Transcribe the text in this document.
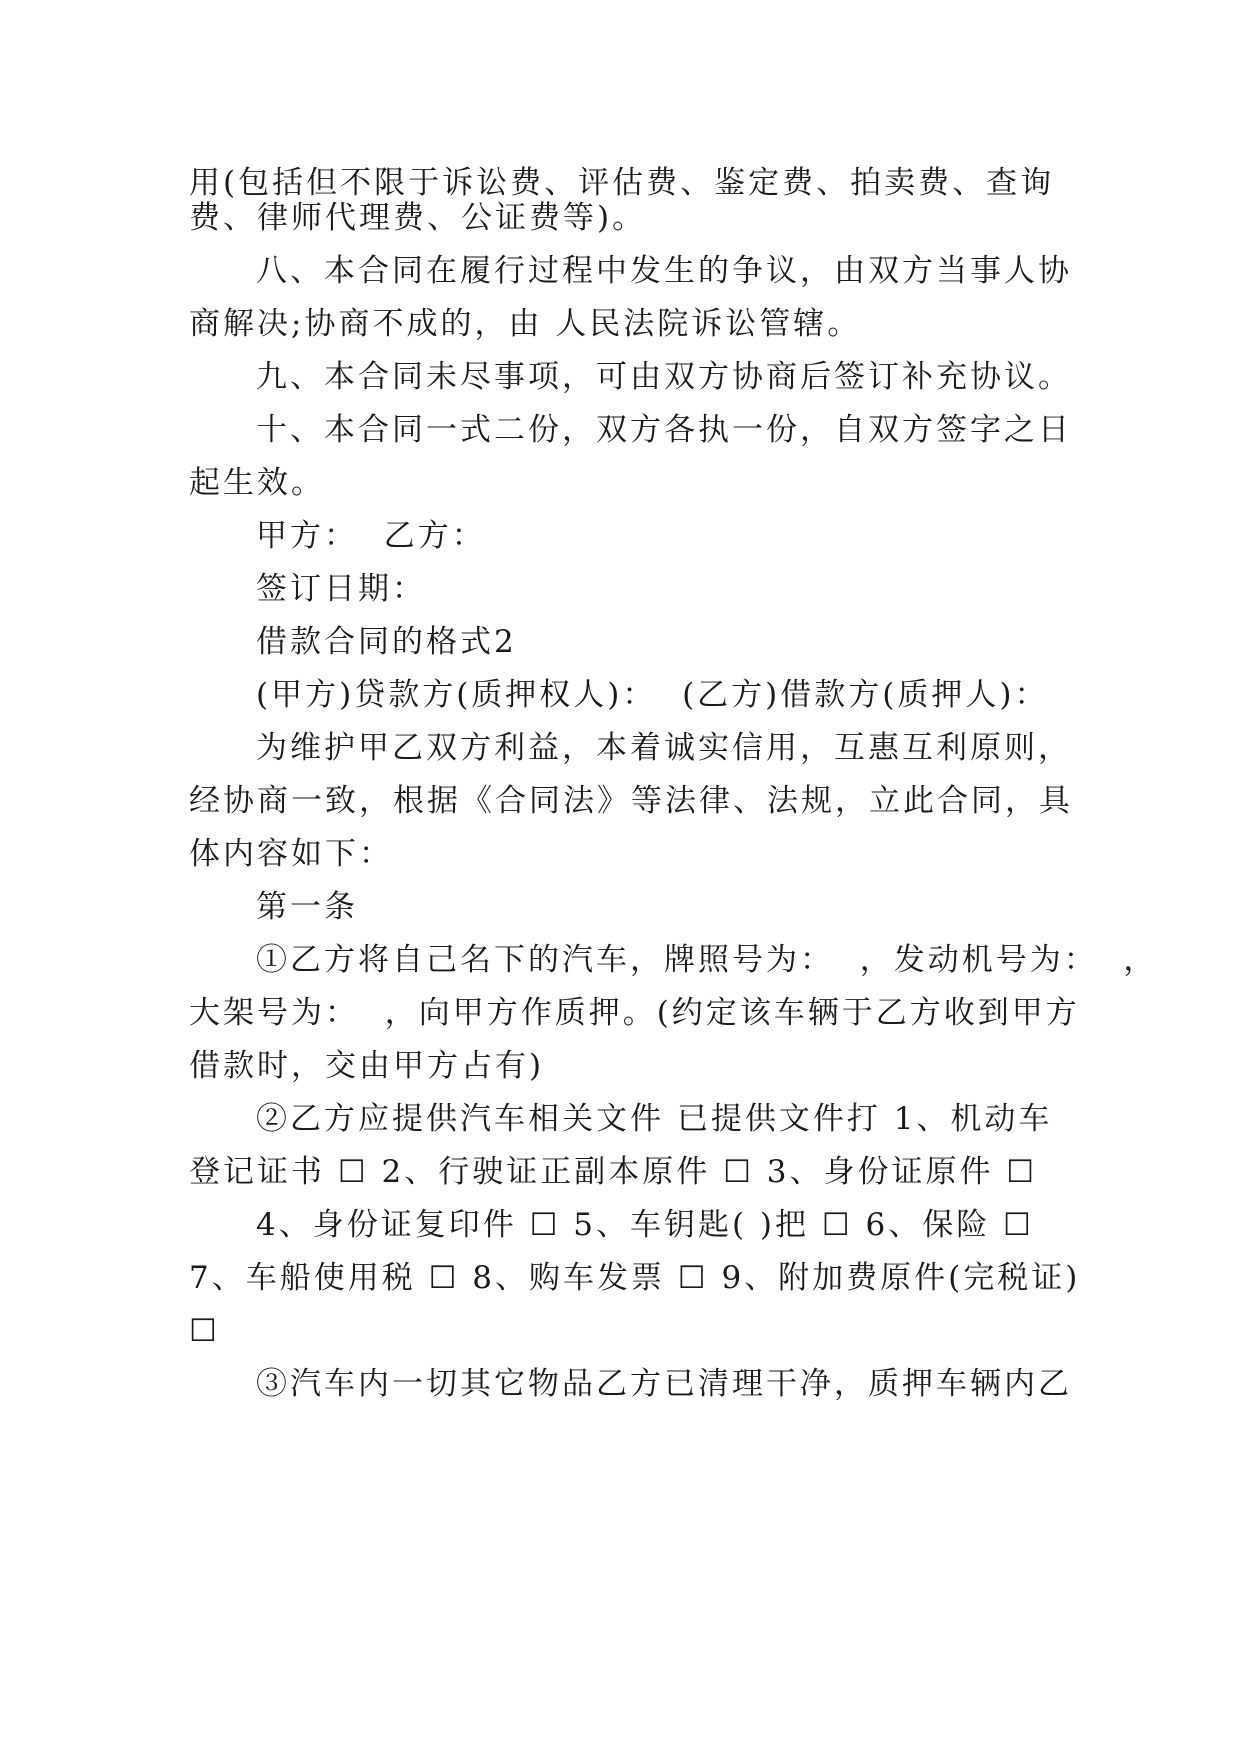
用(包括但不限于诉讼费、评估费、鉴定费、拍卖费、查询
费、律师代理费、公证费等)。
八、本合同在履行过程中发生的争议，由双方当事人协
商解决;协商不成的，由 人民法院诉讼管辖。
九、本合同未尽事项，可由双方协商后签订补充协议。
十、本合同一式二份，双方各执一份，自双方签字之日
起生效。
甲方：  乙方：
签订日期：
借款合同的格式2
(甲方)贷款方(质押权人)：  (乙方)借款方(质押人)：
为维护甲乙双方利益，本着诚实信用，互惠互利原则，
经协商一致，根据《合同法》等法律、法规，立此合同，具
体内容如下：
第一条
①乙方将自己名下的汽车，牌照号为：  ，发动机号为：  ，
大架号为：  ，向甲方作质押。(约定该车辆于乙方收到甲方
借款时，交由甲方占有)
②乙方应提供汽车相关文件 已提供文件打 1、机动车
登记证书 ☐ 2、行驶证正副本原件 ☐ 3、身份证原件 ☐
4、身份证复印件 ☐ 5、车钥匙( )把 ☐ 6、保险 ☐
7、车船使用税 ☐ 8、购车发票 ☐ 9、附加费原件(完税证)
☐
③汽车内一切其它物品乙方已清理干净，质押车辆内乙
